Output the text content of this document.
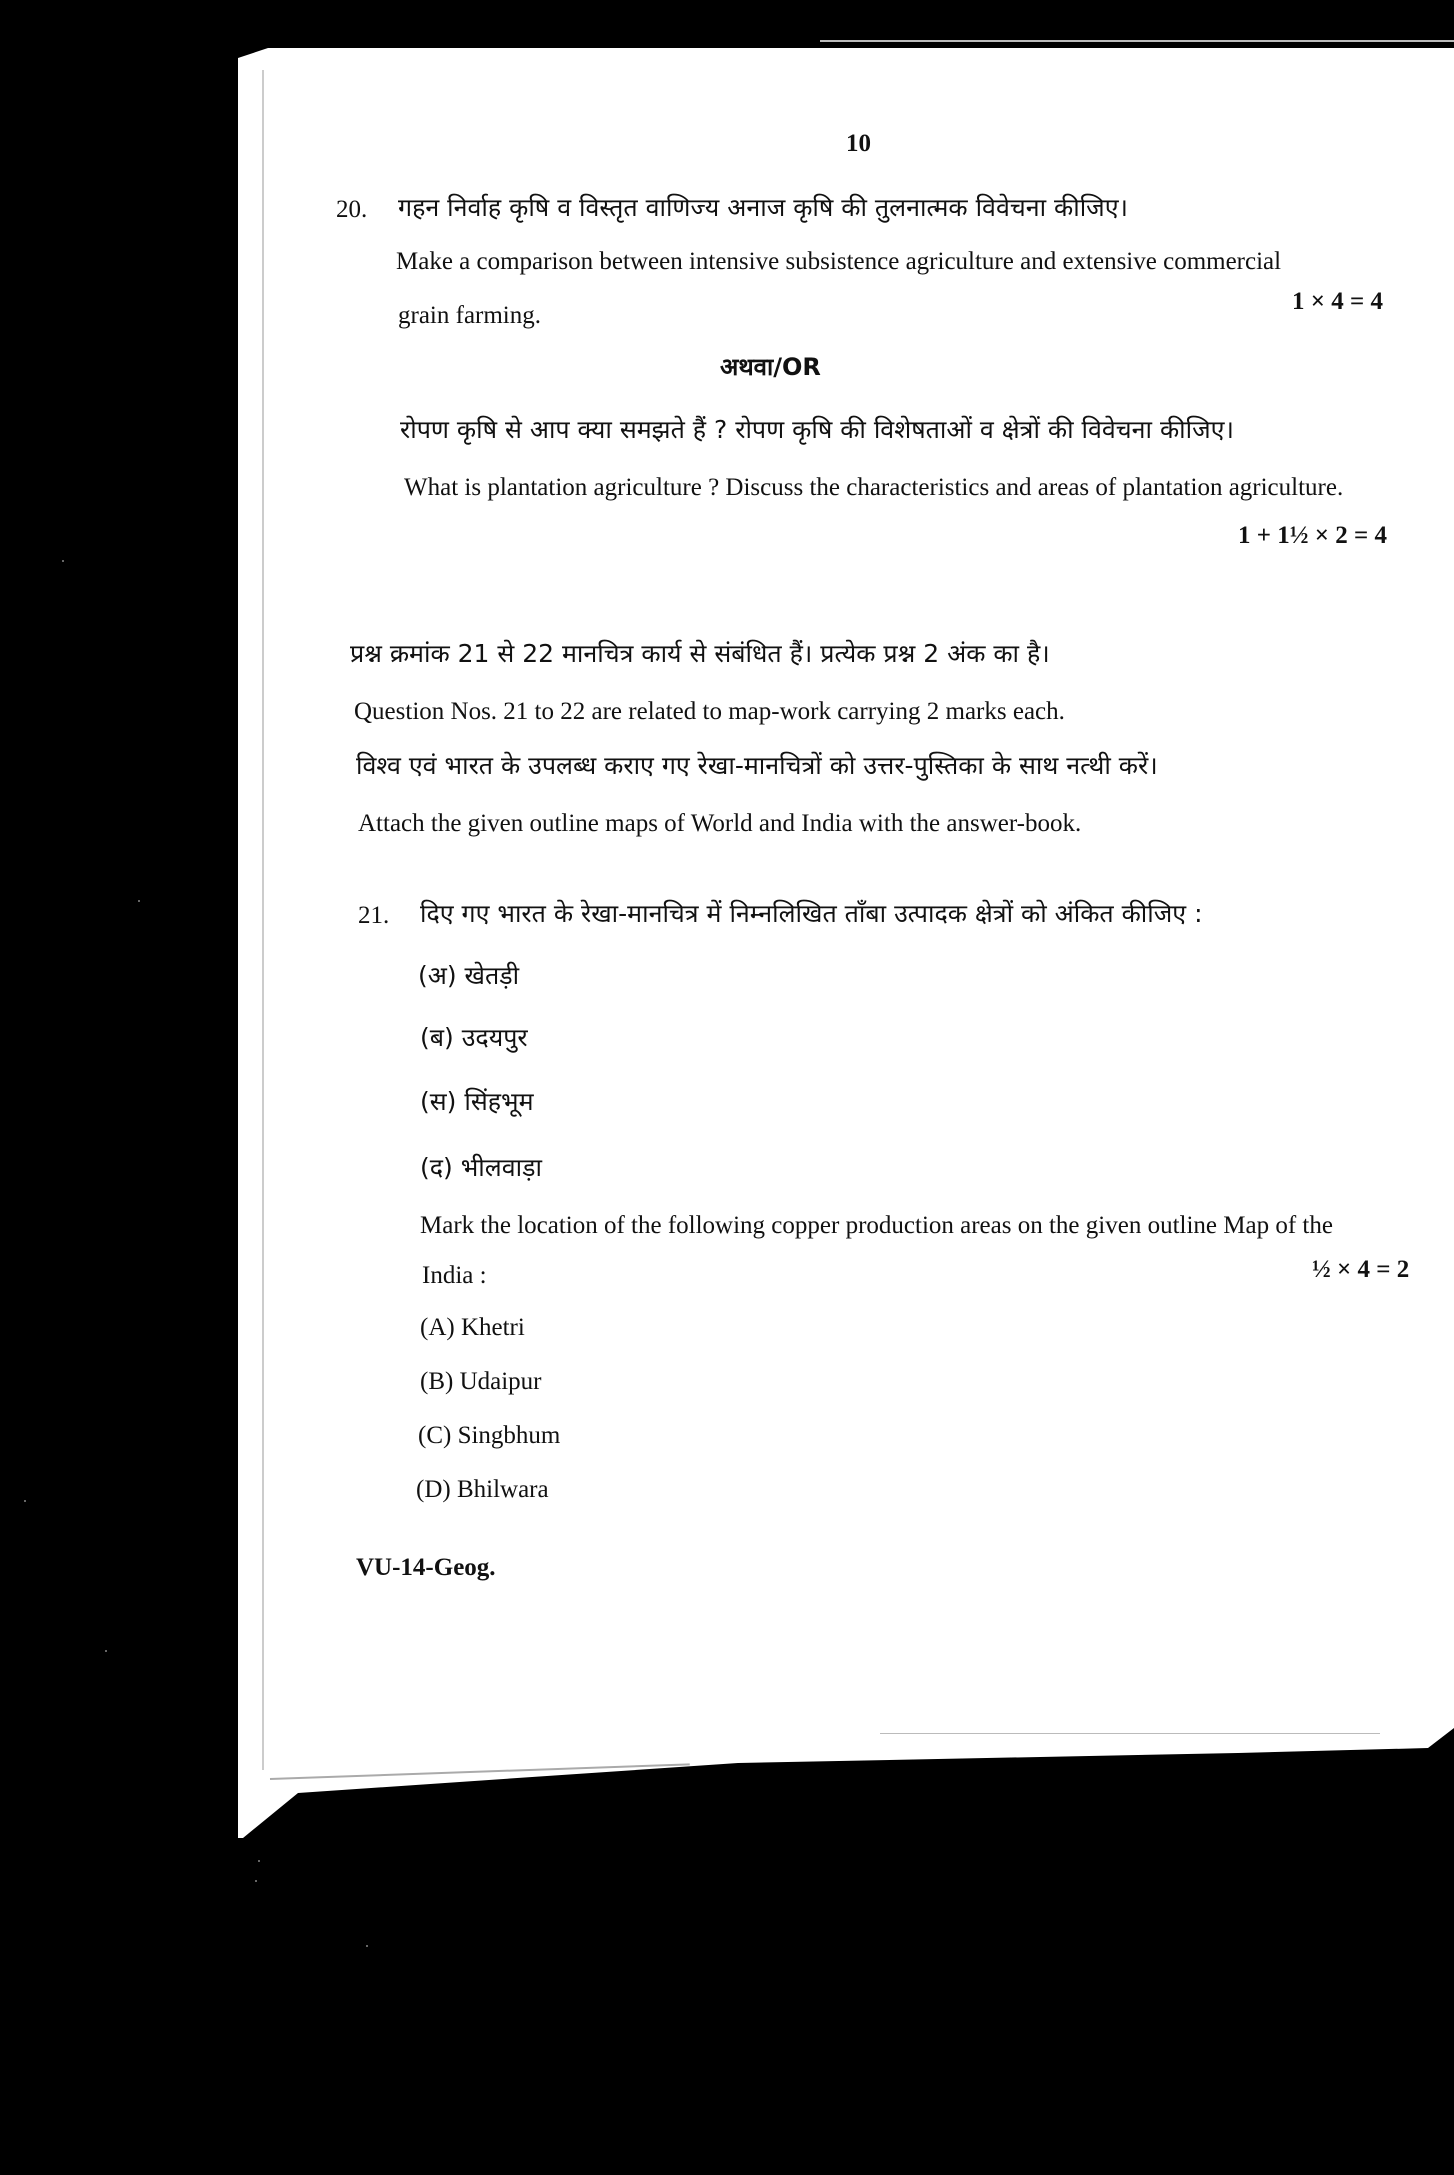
10
20. गहन निर्वाह कृषि व विस्तृत वाणिज्य अनाज कृषि की तुलनात्मक विवेचना कीजिए।
Make a comparison between intensive subsistence agriculture and extensive commercial
grain farming.
1 × 4 = 4
अथवा/OR
रोपण कृषि से आप क्या समझते हैं ? रोपण कृषि की विशेषताओं व क्षेत्रों की विवेचना कीजिए।
What is plantation agriculture ? Discuss the characteristics and areas of plantation agriculture.
1 + 1½ × 2 = 4
प्रश्न क्रमांक 21 से 22 मानचित्र कार्य से संबंधित हैं। प्रत्येक प्रश्न 2 अंक का है।
Question Nos. 21 to 22 are related to map-work carrying 2 marks each.
विश्व एवं भारत के उपलब्ध कराए गए रेखा-मानचित्रों को उत्तर-पुस्तिका के साथ नत्थी करें।
Attach the given outline maps of World and India with the answer-book.
21. दिए गए भारत के रेखा-मानचित्र में निम्नलिखित ताँबा उत्पादक क्षेत्रों को अंकित कीजिए :
(अ) खेतड़ी
(ब) उदयपुर
(स) सिंहभूम
(द) भीलवाड़ा
Mark the location of the following copper production areas on the given outline Map of the
India :	½ × 4 = 2
(A) Khetri
(B) Udaipur
(C) Singbhum
(D) Bhilwara
VU-14-Geog.
